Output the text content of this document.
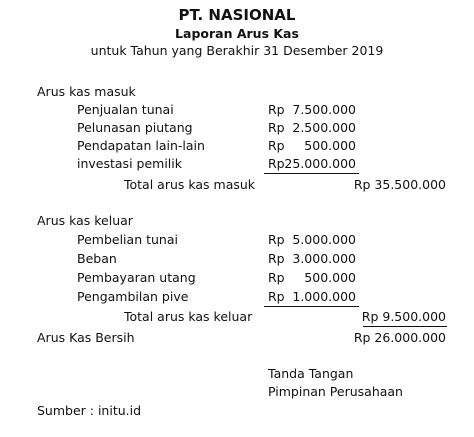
PT. NASIONAL
Laporan Arus Kas
untuk Tahun yang Berakhir 31 Desember 2019
Arus kas masuk
Penjualan tunai	Rp 7.500.000
Pelunasan piutang	Rp 2.500.000
Pendapatan lain-lain	Rp 500.000
investasi pemilik	Rp 25.000.000
Total arus kas masuk	Rp 35.500.000
Arus kas keluar
Pembelian tunai	Rp 5.000.000
Beban	Rp 3.000.000
Pembayaran utang	Rp 500.000
Pengambilan pive	Rp 1.000.000
Total arus kas keluar	Rp 9.500.000
Arus Kas Bersih	Rp 26.000.000
Tanda Tangan
Pimpinan Perusahaan
Sumber : initu.id
